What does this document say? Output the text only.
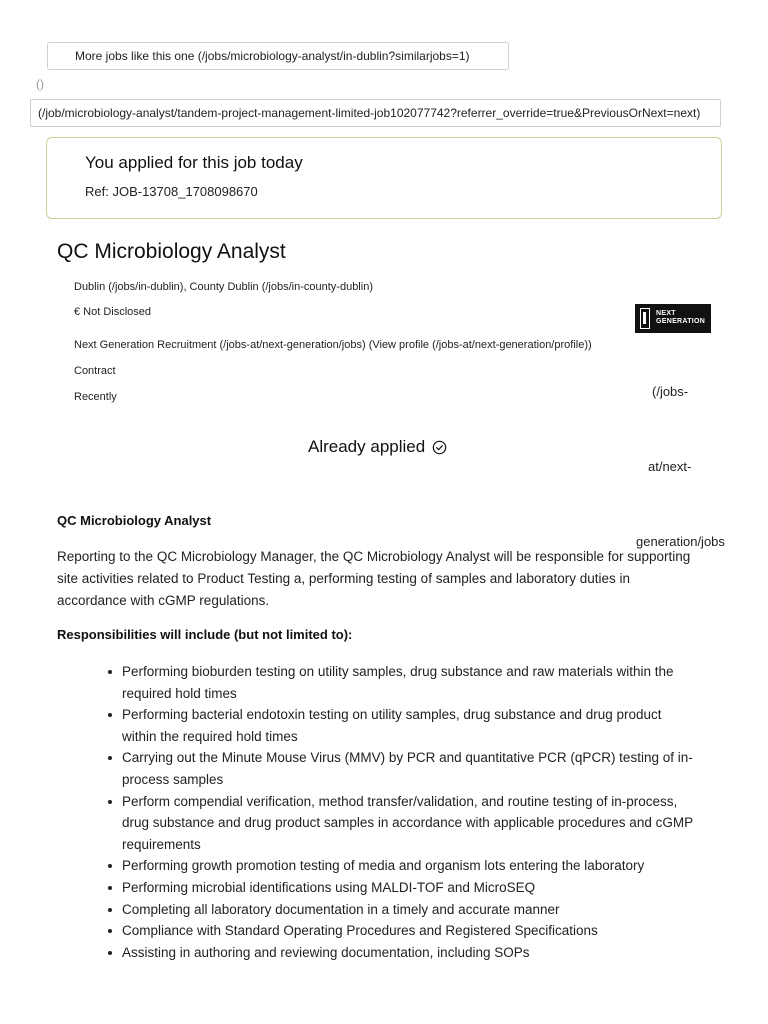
More jobs like this one (/jobs/microbiology-analyst/in-dublin?similarjobs=1)
()
(/job/microbiology-analyst/tandem-project-management-limited-job102077742?referrer_override=true&PreviousOrNext=next)
You applied for this job today
Ref: JOB-13708_1708098670
QC Microbiology Analyst
Dublin (/jobs/in-dublin), County Dublin (/jobs/in-county-dublin)
€ Not Disclosed
Next Generation Recruitment (/jobs-at/next-generation/jobs) (View profile (/jobs-at/next-generation/profile))
Contract
Recently
NEXT
GENERATION
(/jobs-
at/next-
generation/jobs
Already applied
QC Microbiology Analyst
Reporting to the QC Microbiology Manager, the QC Microbiology Analyst will be responsible for supporting site activities related to Product Testing a, performing testing of samples and laboratory duties in accordance with cGMP regulations.
Responsibilities will include (but not limited to):
Performing bioburden testing on utility samples, drug substance and raw materials within the required hold times
Performing bacterial endotoxin testing on utility samples, drug substance and drug product within the required hold times
Carrying out the Minute Mouse Virus (MMV) by PCR and quantitative PCR (qPCR) testing of in-process samples
Perform compendial verification, method transfer/validation, and routine testing of in-process, drug substance and drug product samples in accordance with applicable procedures and cGMP requirements
Performing growth promotion testing of media and organism lots entering the laboratory
Performing microbial identifications using MALDI-TOF and MicroSEQ
Completing all laboratory documentation in a timely and accurate manner
Compliance with Standard Operating Procedures and Registered Specifications
Assisting in authoring and reviewing documentation, including SOPs
